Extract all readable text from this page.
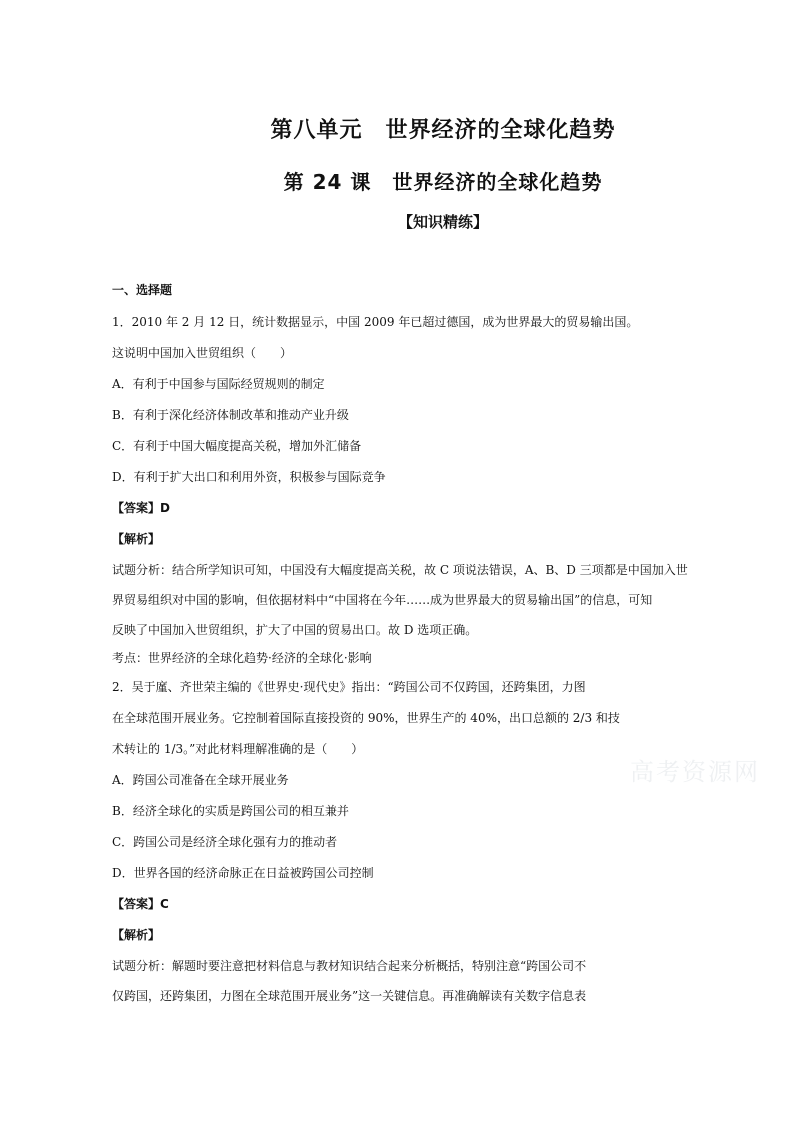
第八单元　世界经济的全球化趋势
第 24 课　世界经济的全球化趋势
【知识精练】
一、选择题
1．2010 年 2 月 12 日，统计数据显示，中国 2009 年已超过德国，成为世界最大的贸易输出国。
这说明中国加入世贸组织（　　）
A．有利于中国参与国际经贸规则的制定
B．有利于深化经济体制改革和推动产业升级
C．有利于中国大幅度提高关税，增加外汇储备
D．有利于扩大出口和利用外资，积极参与国际竞争
【答案】D
【解析】
试题分析：结合所学知识可知，中国没有大幅度提高关税，故 C 项说法错误，A、B、D 三项都是中国加入世
界贸易组织对中国的影响，但依据材料中“中国将在今年……成为世界最大的贸易输出国”的信息，可知
反映了中国加入世贸组织，扩大了中国的贸易出口。故 D 选项正确。
考点：世界经济的全球化趋势·经济的全球化·影响
2．吴于廑、齐世荣主编的《世界史·现代史》指出：“跨国公司不仅跨国，还跨集团，力图
在全球范围开展业务。它控制着国际直接投资的 90%，世界生产的 40%，出口总额的 2/3 和技
术转让的 1/3。”对此材料理解准确的是（　　）
A．跨国公司准备在全球开展业务
B．经济全球化的实质是跨国公司的相互兼并
C．跨国公司是经济全球化强有力的推动者
D．世界各国的经济命脉正在日益被跨国公司控制
【答案】C
【解析】
试题分析：解题时要注意把材料信息与教材知识结合起来分析概括，特别注意“跨国公司不
仅跨国，还跨集团，力图在全球范围开展业务”这一关键信息。再准确解读有关数字信息表
高考资源网
